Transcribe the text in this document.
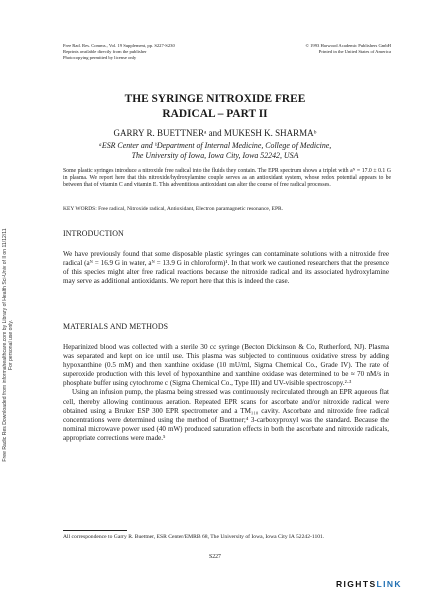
Free Rad. Res. Comms., Vol. 19 Supplement, pp. S227-S230
Reprints available directly from the publisher
Photocopying permitted by license only
© 1993 Harwood Academic Publishers GmbH
Printed in the United States of America
THE SYRINGE NITROXIDE FREE
RADICAL – PART II
GARRY R. BUETTNERᵃ and MUKESH K. SHARMAᵇ
ᵃESR Center and ᵇDepartment of Internal Medicine, College of Medicine,
The University of Iowa, Iowa City, Iowa 52242, USA
Some plastic syringes introduce a nitroxide free radical into the fluids they contain. The EPR spectrum shows a triplet with aᴺ = 17.0 ± 0.1 G in plasma. We report here that this nitroxide/hydroxylamine couple serves as an antioxidant system, whose redox potential appears to be between that of vitamin C and vitamin E. This adventitious antioxidant can alter the course of free radical processes.
KEY WORDS: Free radical, Nitroxide radical, Antioxidant, Electron paramagnetic resonance, EPR.
INTRODUCTION

We have previously found that some disposable plastic syringes can contaminate solutions with a nitroxide free radical (aᴺ = 16.9 G in water, aᴺ = 13.9 G in chloroform)¹. In that work we cautioned researchers that the presence of this species might alter free radical reactions because the nitroxide radical and its associated hydroxylamine may serve as additional antioxidants. We report here that this is indeed the case.

MATERIALS AND METHODS

Heparinized blood was collected with a sterile 30 cc syringe (Becton Dickinson & Co, Rutherford, NJ). Plasma was separated and kept on ice until use. This plasma was subjected to continuous oxidative stress by adding hypoxanthine (0.5 mM) and then xanthine oxidase (10 mU/ml, Sigma Chemical Co., Grade IV). The rate of superoxide production with this level of hypoxanthine and xanthine oxidase was determined to be ≈ 70 nM/s in phosphate buffer using cytochrome c (Sigma Chemical Co., Type III) and UV-visible spectroscopy.²·³

Using an infusion pump, the plasma being stressed was continuously recirculated through an EPR aqueous flat cell, thereby allowing continuous aeration. Repeated EPR scans for ascorbate and/or nitroxide radical were obtained using a Bruker ESP 300 EPR spectrometer and a TM₁₁₀ cavity. Ascorbate and nitroxide free radical concentrations were determined using the method of Buettner;⁴ 3-carboxyproxyl was the standard. Because the nominal microwave power used (40 mW) produced saturation effects in both the ascorbate and nitroxide radicals, appropriate corrections were made.⁵

All correspondence to Garry R. Buettner, ESR Center/EMRB 68, The University of Iowa, Iowa City IA 52242-1101.
S227
Free Radic Res Downloaded from informahealthcare.com by Library of Health Sci-Univ of Il on 11/12/11 For personal use only.
RIGHTSLINK
